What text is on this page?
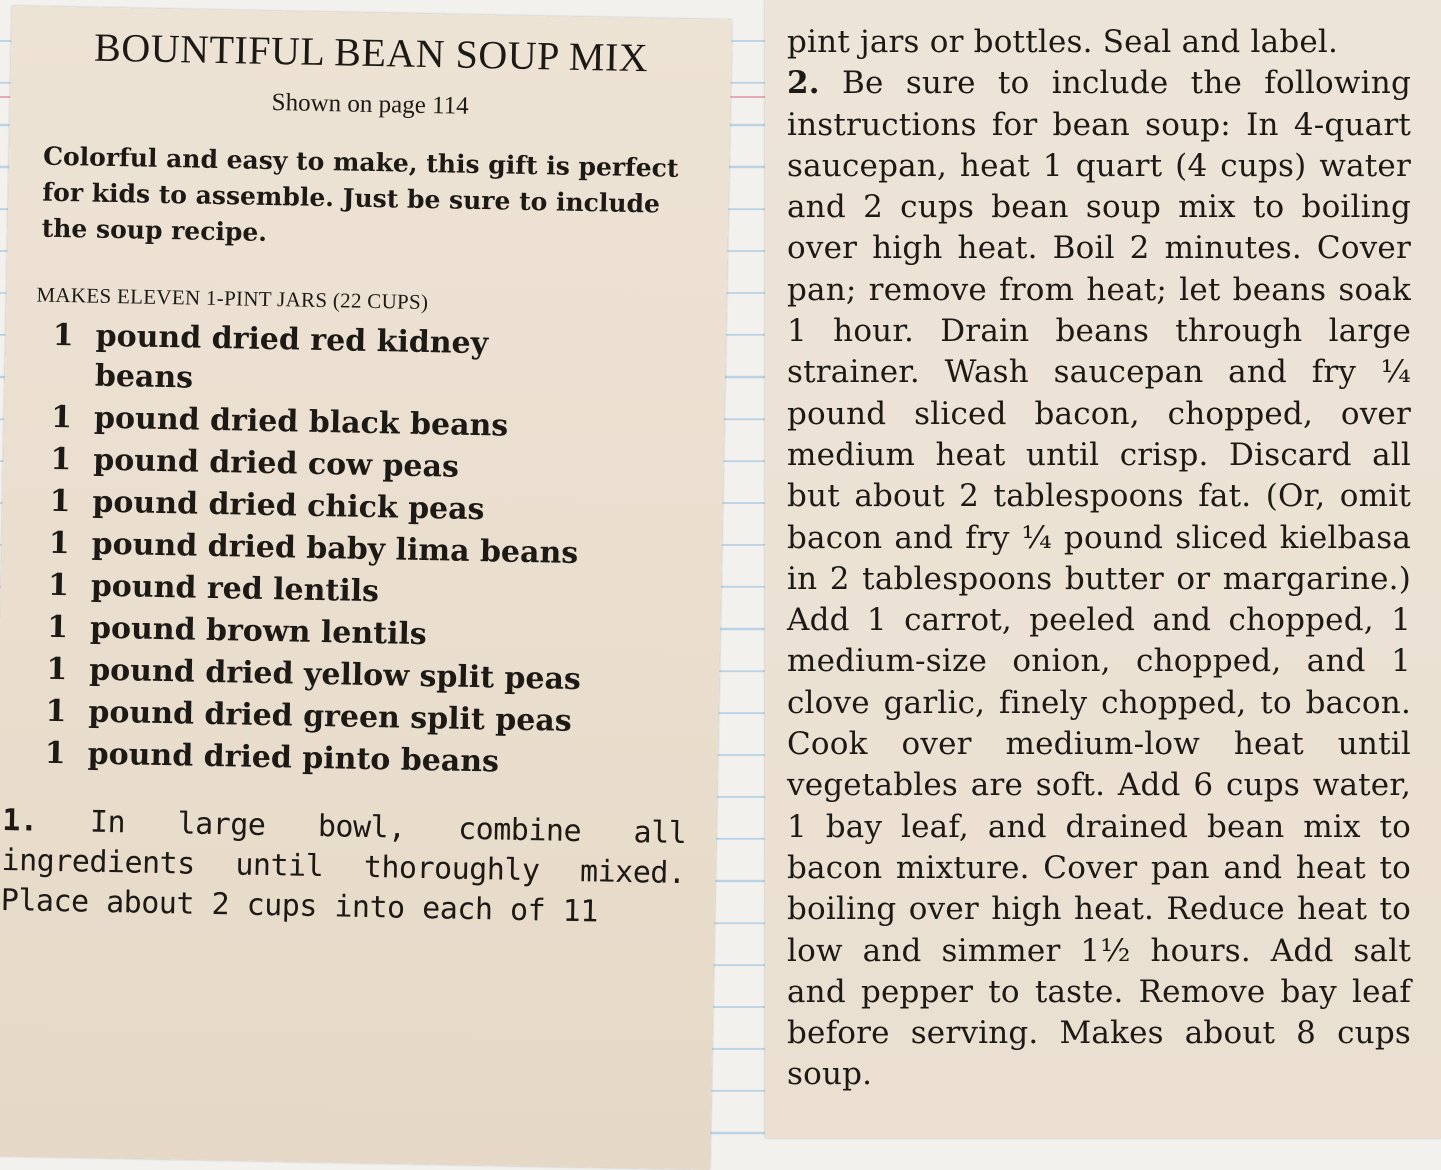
BOUNTIFUL BEAN SOUP MIX
Shown on page 114
Colorful and easy to make, this gift is perfect for kids to assemble. Just be sure to include the soup recipe.
MAKES ELEVEN 1-PINT JARS (22 CUPS)
1 pound dried red kidney beans
1 pound dried black beans
1 pound dried cow peas
1 pound dried chick peas
1 pound dried baby lima beans
1 pound red lentils
1 pound brown lentils
1 pound dried yellow split peas
1 pound dried green split peas
1 pound dried pinto beans
1. In large bowl, combine all ingredients until thoroughly mixed. Place about 2 cups into each of 11

pint jars or bottles. Seal and label.

2. Be sure to include the following instructions for bean soup: In 4-quart saucepan, heat 1 quart (4 cups) water and 2 cups bean soup mix to boiling over high heat. Boil 2 minutes. Cover pan; remove from heat; let beans soak 1 hour. Drain beans through large strainer. Wash saucepan and fry ¼ pound sliced bacon, chopped, over medium heat until crisp. Discard all but about 2 tablespoons fat. (Or, omit bacon and fry ¼ pound sliced kielbasa in 2 tablespoons butter or margarine.) Add 1 carrot, peeled and chopped, 1 medium-size onion, chopped, and 1 clove garlic, finely chopped, to bacon. Cook over medium-low heat until vegetables are soft. Add 6 cups water, 1 bay leaf, and drained bean mix to bacon mixture. Cover pan and heat to boiling over high heat. Reduce heat to low and simmer 1½ hours. Add salt and pepper to taste. Remove bay leaf before serving. Makes about 8 cups soup.
